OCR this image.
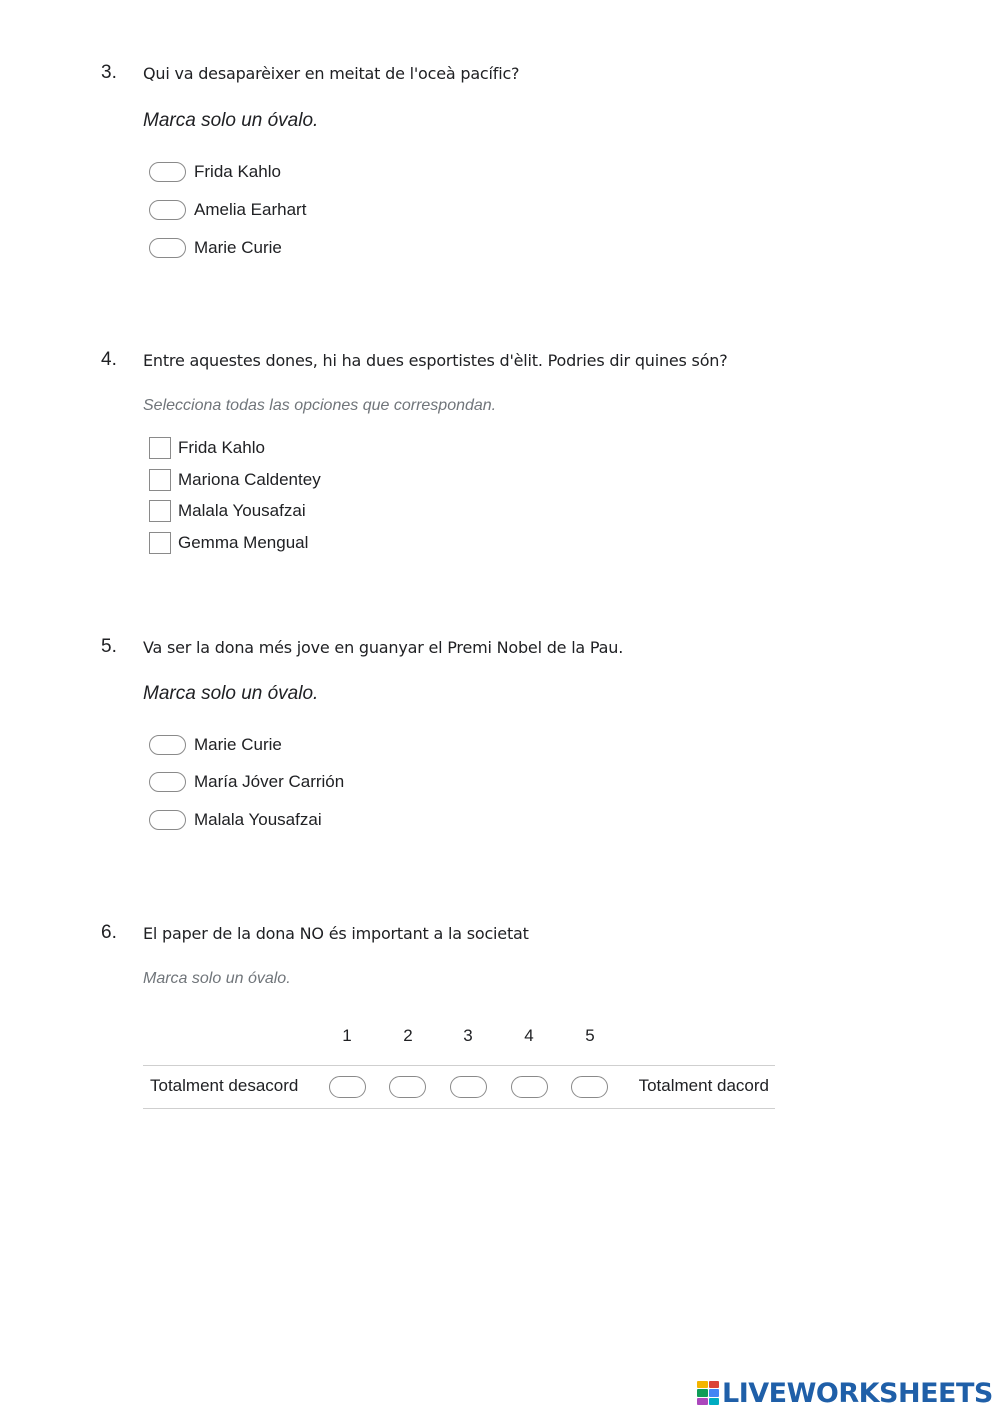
3. Qui va desaparèixer en meitat de l'oceà pacífic?
Marca solo un óvalo.
Frida Kahlo
Amelia Earhart
Marie Curie
4. Entre aquestes dones, hi ha dues esportistes d'èlit. Podries dir quines són?
Selecciona todas las opciones que correspondan.
Frida Kahlo
Mariona Caldentey
Malala Yousafzai
Gemma Mengual
5. Va ser la dona més jove en guanyar el Premi Nobel de la Pau.
Marca solo un óvalo.
Marie Curie
María Jóver Carrión
Malala Yousafzai
6. El paper de la dona NO és important a la societat
Marca solo un óvalo.
1	2	3	4	5
Totalment desacord	Totalment dacord
LIVEWORKSHEETS
